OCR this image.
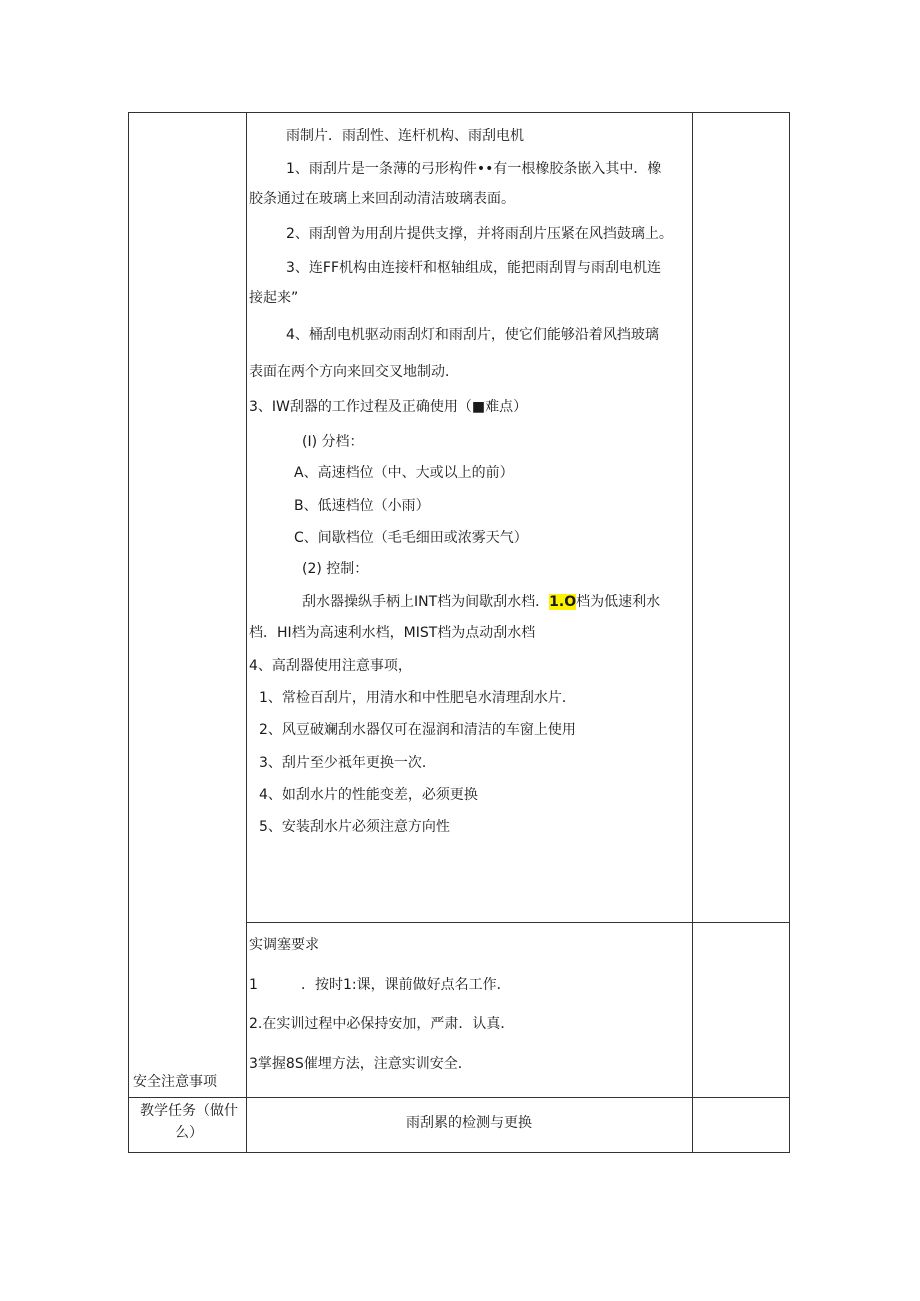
雨制片．雨刮性、连杆机构、雨刮电机
1、雨刮片是一条薄的弓形构件••有一根橡胶条嵌入其中．橡
胶条通过在玻璃上来回刮动清洁玻璃表面。
2、雨刮曾为用刮片提供支撑，并将雨刮片压紧在风挡鼓璃上。
3、连FF机构由连接杆和枢轴组成，能把雨刮胃与雨刮电机连
接起来”
4、桶刮电机驱动雨刮灯和雨刮片，使它们能够沿着风挡玻璃
表面在两个方向来回交叉地制动．
3、IW刮器的工作过程及正确使用（■难点）
(I) 分档：
A、高速档位（中、大或以上的前）
B、低速档位（小雨）
C、间歇档位（毛毛细田或浓雾天气）
(2) 控制：
刮水器操纵手柄上INT档为间歇刮水档．1.O档为低速利水
档．HI档为高速利水档，MIST档为点动刮水档
4、高刮器使用注意事项，
1、常检百刮片，用清水和中性肥皂水清理刮水片．
2、风豆破斓刮水器仅可在湿润和清洁的车窗上使用
3、刮片至少祗年更换一次．
4、如刮水片的性能变差，必须更换
5、安装刮水片必须注意方向性
实调塞要求
1	．按时1:课，课前做好点名工作．
2.在实训过程中必保持安加，严肃．认真．
3掌握8S催埋方法，注意实训安全．
安全注意事项
教学任务（做什么）
雨刮累的检测与更换
